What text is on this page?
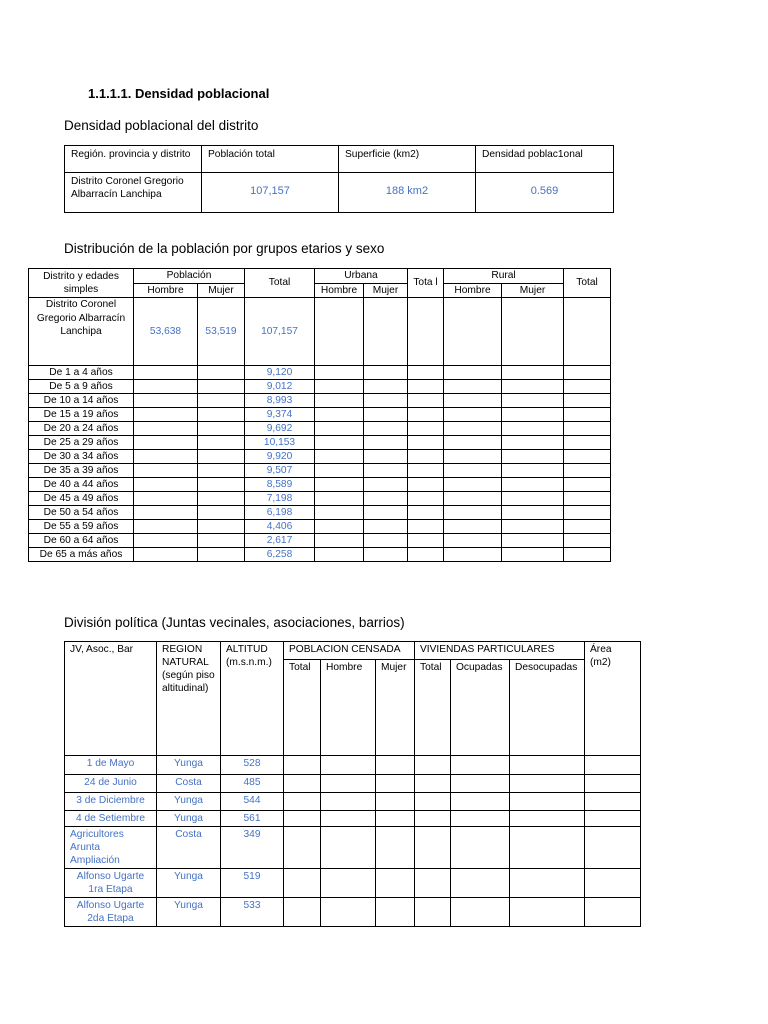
1.1.1.1. Densidad poblacional
Densidad poblacional del distrito
Región. provincia y distrito	Población total	Superficie (km2)	Densidad poblac1onal
Distrito Coronel Gregorio Albarracín Lanchipa	107,157	188 km2	0.569
Distribución de la población por grupos etarios y sexo
Distrito y edades simples	Población		Total	Urbana		Tota l	Rural		Total
	Hombre	Mujer		Hombre	Mujer		Hombre	Mujer	
Distrito Coronel Gregorio Albarracín Lanchipa	53,638	53,519	107,157						
De 1 a 4 años			9,120						
De 5 a 9 años			9,012						
De 10 a 14 años			8,993						
De 15 a 19 años			9,374						
De 20 a 24 años			9,692						
De 25 a 29 años			10,153						
De 30 a 34 años			9,920						
De 35 a 39 años			9,507						
De 40 a 44 años			8,589						
De 45 a 49 años			7,198						
De 50 a 54 años			6,198						
De 55 a 59 años			4,406						
De 60 a 64 años			2,617						
De 65 a más años			6,258						
División política (Juntas vecinales, asociaciones, barrios)
JV, Asoc., Bar	REGION NATURAL (según piso altitudinal)	ALTITUD (m.s.n.m.)	POBLACION CENSADA			VIVIENDAS PARTICULARES			Área (m2)
			Total	Hombre	Mujer	Total	Ocupadas	Desocupadas	
1 de Mayo	Yunga	528							
24 de Junio	Costa	485							
3 de Diciembre	Yunga	544							
4 de Setiembre	Yunga	561							
Agricultores Arunta Ampliación	Costa	349							
Alfonso Ugarte 1ra Etapa	Yunga	519							
Alfonso Ugarte 2da Etapa	Yunga	533							
